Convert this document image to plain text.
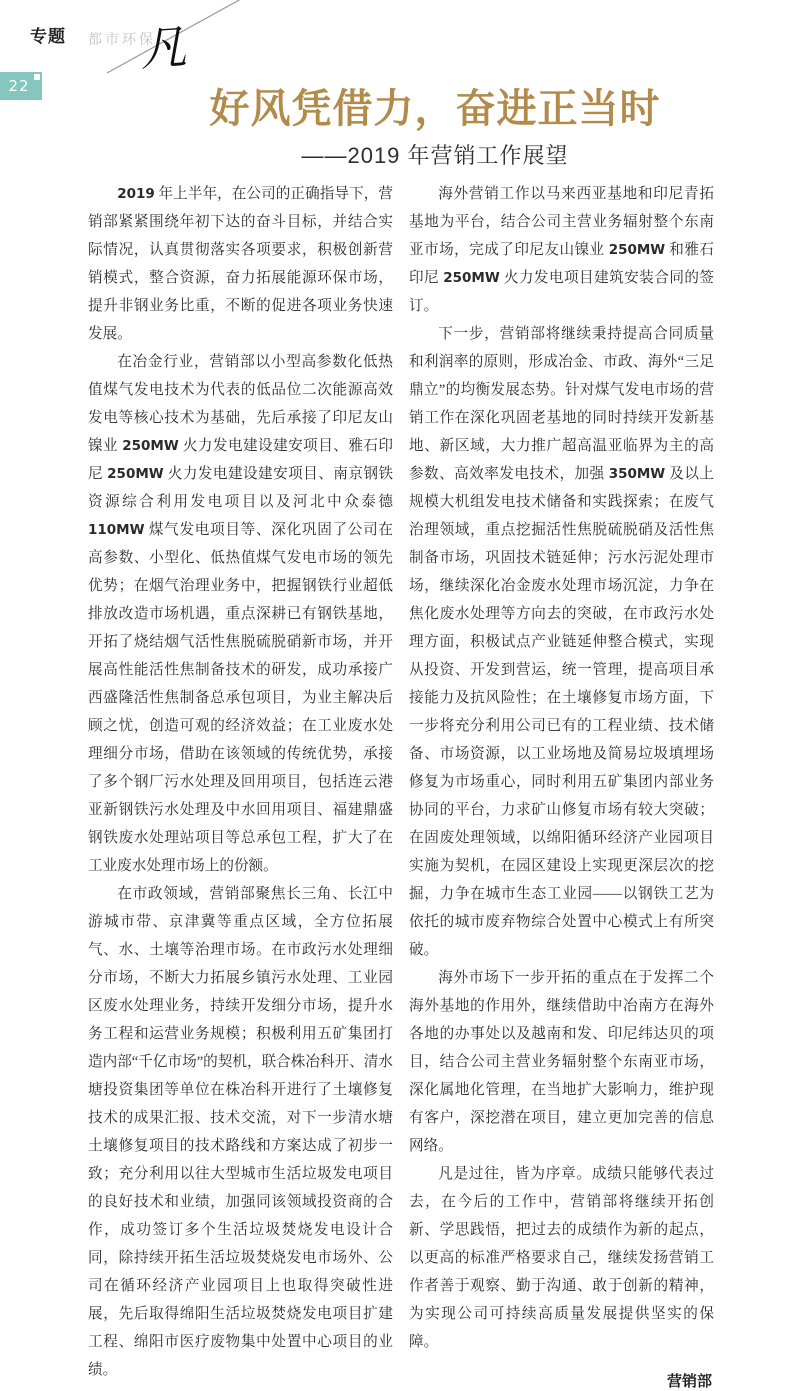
专题 都市环保
凡
22
好风凭借力，奋进正当时
——2019 年营销工作展望

2019 年上半年，在公司的正确指导下，营销部紧紧围绕年初下达的奋斗目标，并结合实际情况，认真贯彻落实各项要求，积极创新营销模式，整合资源，奋力拓展能源环保市场，提升非钢业务比重，不断的促进各项业务快速发展。

在冶金行业，营销部以小型高参数化低热值煤气发电技术为代表的低品位二次能源高效发电等核心技术为基础，先后承接了印尼友山镍业 250MW 火力发电建设建安项目、雅石印尼 250MW 火力发电建设建安项目、南京钢铁资源综合利用发电项目以及河北中众泰德 110MW 煤气发电项目等、深化巩固了公司在高参数、小型化、低热值煤气发电市场的领先优势；在烟气治理业务中，把握钢铁行业超低排放改造市场机遇，重点深耕已有钢铁基地，开拓了烧结烟气活性焦脱硫脱硝新市场，并开展高性能活性焦制备技术的研发，成功承接广西盛隆活性焦制备总承包项目，为业主解决后顾之忧，创造可观的经济效益；在工业废水处理细分市场，借助在该领域的传统优势，承接了多个钢厂污水处理及回用项目，包括连云港亚新钢铁污水处理及中水回用项目、福建鼎盛钢铁废水处理站项目等总承包工程，扩大了在工业废水处理市场上的份额。

在市政领域，营销部聚焦长三角、长江中游城市带、京津冀等重点区域，全方位拓展气、水、土壤等治理市场。在市政污水处理细分市场，不断大力拓展乡镇污水处理、工业园区废水处理业务，持续开发细分市场，提升水务工程和运营业务规模；积极利用五矿集团打造内部“千亿市场”的契机，联合株冶科开、清水塘投资集团等单位在株冶科开进行了土壤修复技术的成果汇报、技术交流，对下一步清水塘土壤修复项目的技术路线和方案达成了初步一致；充分利用以往大型城市生活垃圾发电项目的良好技术和业绩，加强同该领域投资商的合作，成功签订多个生活垃圾焚烧发电设计合同，除持续开拓生活垃圾焚烧发电市场外、公司在循环经济产业园项目上也取得突破性进展，先后取得绵阳生活垃圾焚烧发电项目扩建工程、绵阳市医疗废物集中处置中心项目的业绩。

海外营销工作以马来西亚基地和印尼青拓基地为平台，结合公司主营业务辐射整个东南亚市场，完成了印尼友山镍业 250MW 和雅石印尼 250MW 火力发电项目建筑安装合同的签订。

下一步，营销部将继续秉持提高合同质量和利润率的原则，形成冶金、市政、海外“三足鼎立”的均衡发展态势。针对煤气发电市场的营销工作在深化巩固老基地的同时持续开发新基地、新区域，大力推广超高温亚临界为主的高参数、高效率发电技术，加强 350MW 及以上规模大机组发电技术储备和实践探索；在废气治理领域，重点挖掘活性焦脱硫脱硝及活性焦制备市场，巩固技术链延伸；污水污泥处理市场，继续深化冶金废水处理市场沉淀，力争在焦化废水处理等方向去的突破，在市政污水处理方面，积极试点产业链延伸整合模式，实现从投资、开发到营运，统一管理，提高项目承接能力及抗风险性；在土壤修复市场方面，下一步将充分利用公司已有的工程业绩、技术储备、市场资源，以工业场地及简易垃圾填埋场修复为市场重心，同时利用五矿集团内部业务协同的平台，力求矿山修复市场有较大突破；在固废处理领域，以绵阳循环经济产业园项目实施为契机，在园区建设上实现更深层次的挖掘，力争在城市生态工业园——以钢铁工艺为依托的城市废弃物综合处置中心模式上有所突破。

海外市场下一步开拓的重点在于发挥二个海外基地的作用外，继续借助中冶南方在海外各地的办事处以及越南和发、印尼纬达贝的项目，结合公司主营业务辐射整个东南亚市场，深化属地化管理，在当地扩大影响力，维护现有客户，深挖潜在项目，建立更加完善的信息网络。

凡是过往，皆为序章。成绩只能够代表过去，在今后的工作中，营销部将继续开拓创新、学思践悟，把过去的成绩作为新的起点，以更高的标准严格要求自己，继续发扬营销工作者善于观察、勤于沟通、敢于创新的精神，为实现公司可持续高质量发展提供坚实的保障。

营销部
